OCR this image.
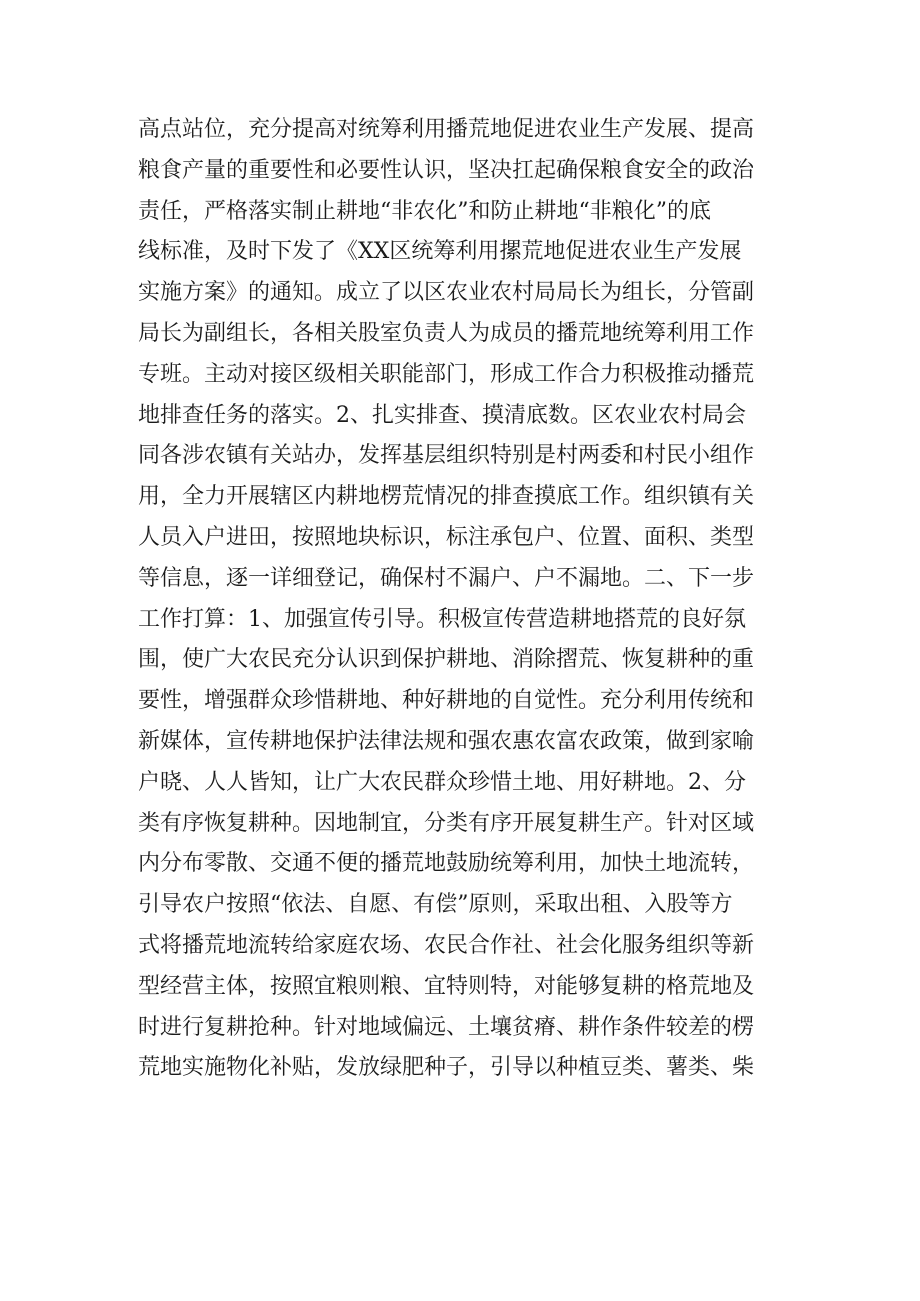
高点站位，充分提高对统筹利用播荒地促进农业生产发展、提高
粮食产量的重要性和必要性认识，坚决扛起确保粮食安全的政治
责任，严格落实制止耕地“非农化”和防止耕地“非粮化”的底
线标准，及时下发了《XX区统筹利用摞荒地促进农业生产发展
实施方案》的通知。成立了以区农业农村局局长为组长，分管副
局长为副组长，各相关股室负责人为成员的播荒地统筹利用工作
专班。主动对接区级相关职能部门，形成工作合力积极推动播荒
地排查任务的落实。2、扎实排查、摸清底数。区农业农村局会
同各涉农镇有关站办，发挥基层组织特别是村两委和村民小组作
用，全力开展辖区内耕地楞荒情况的排查摸底工作。组织镇有关
人员入户进田，按照地块标识，标注承包户、位置、面积、类型
等信息，逐一详细登记，确保村不漏户、户不漏地。二、下一步
工作打算：1、加强宣传引导。积极宣传营造耕地搭荒的良好氛
围，使广大农民充分认识到保护耕地、消除摺荒、恢复耕种的重
要性，增强群众珍惜耕地、种好耕地的自觉性。充分利用传统和
新媒体，宣传耕地保护法律法规和强农惠农富农政策，做到家喻
户晓、人人皆知，让广大农民群众珍惜土地、用好耕地。2、分
类有序恢复耕种。因地制宜，分类有序开展复耕生产。针对区域
内分布零散、交通不便的播荒地鼓励统筹利用，加快土地流转，
引导农户按照“依法、自愿、有偿”原则，采取出租、入股等方
式将播荒地流转给家庭农场、农民合作社、社会化服务组织等新
型经营主体，按照宜粮则粮、宜特则特，对能够复耕的格荒地及
时进行复耕抢种。针对地域偏远、土壤贫瘠、耕作条件较差的楞
荒地实施物化补贴，发放绿肥种子，引导以种植豆类、薯类、柴
